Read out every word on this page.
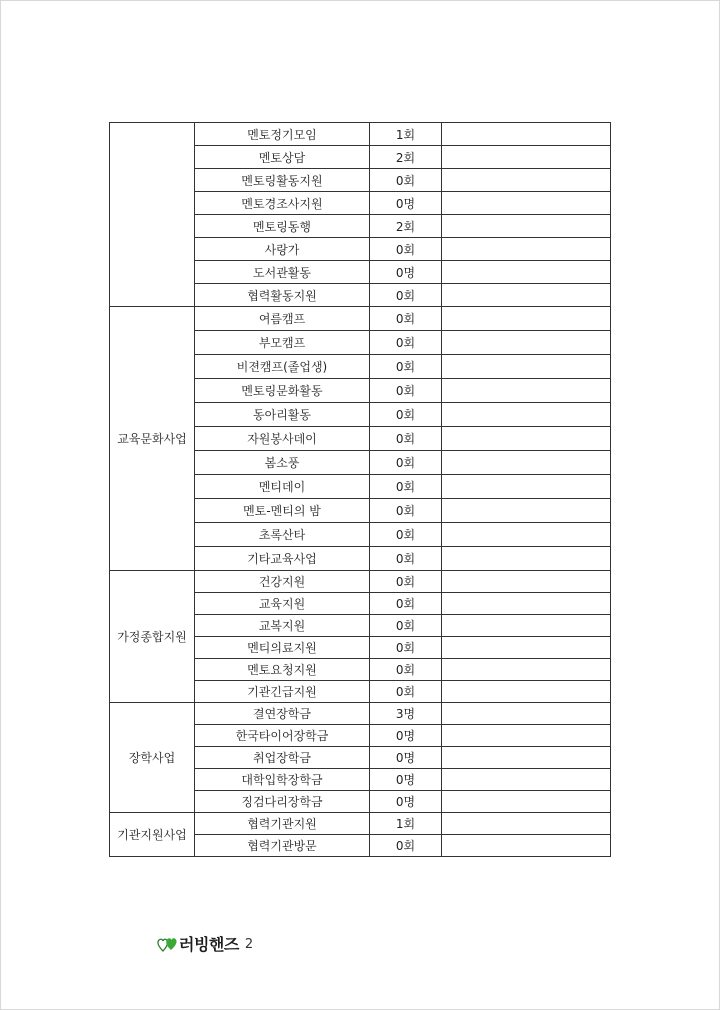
	멘토정기모임	1회	
	멘토상담	2회	
	멘토링활동지원	0회	
	멘토경조사지원	0명	
	멘토링동행	2회	
	사랑가	0회	
	도서관활동	0명	
	협력활동지원	0회	
교육문화사업	여름캠프	0회	
	부모캠프	0회	
	비젼캠프(졸업생)	0회	
	멘토링문화활동	0회	
	동아리활동	0회	
	자원봉사데이	0회	
	봄소풍	0회	
	멘티데이	0회	
	멘토-멘티의 밤	0회	
	초록산타	0회	
	기타교육사업	0회	
가정종합지원	건강지원	0회	
	교육지원	0회	
	교복지원	0회	
	멘티의료지원	0회	
	멘토요청지원	0회	
	기관긴급지원	0회	
장학사업	결연장학금	3명	
	한국타이어장학금	0명	
	취업장학금	0명	
	대학입학장학금	0명	
	징검다리장학금	0명	
기관지원사업	협력기관지원	1회	
	협력기관방문	0회	
러빙핸즈 2
